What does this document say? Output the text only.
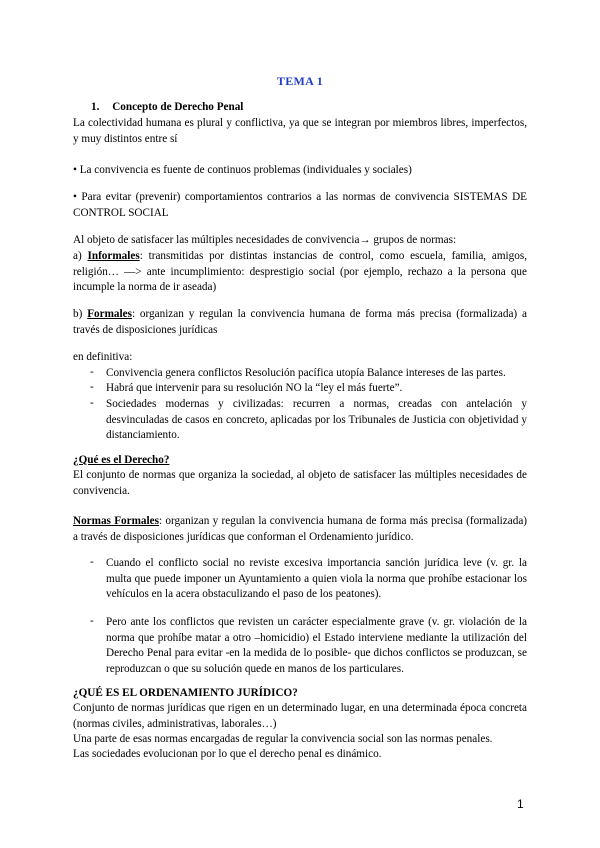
TEMA 1
1. Concepto de Derecho Penal
La colectividad humana es plural y conflictiva, ya que se integran por miembros libres, imperfectos, y muy distintos entre sí
• La convivencia es fuente de continuos problemas (individuales y sociales)
• Para evitar (prevenir) comportamientos contrarios a las normas de convivencia SISTEMAS DE CONTROL SOCIAL
Al objeto de satisfacer las múltiples necesidades de convivencia→ grupos de normas:
a) Informales: transmitidas por distintas instancias de control, como escuela, familia, amigos, religión… —> ante incumplimiento: desprestigio social (por ejemplo, rechazo a la persona que incumple la norma de ir aseada)
b) Formales: organizan y regulan la convivencia humana de forma más precisa (formalizada) a través de disposiciones jurídicas
en definitiva:
- Convivencia genera conflictos Resolución pacífica utopía Balance intereses de las partes.
- Habrá que intervenir para su resolución NO la “ley el más fuerte”.
- Sociedades modernas y civilizadas: recurren a normas, creadas con antelación y desvinculadas de casos en concreto, aplicadas por los Tribunales de Justicia con objetividad y distanciamiento.
¿Qué es el Derecho?
El conjunto de normas que organiza la sociedad, al objeto de satisfacer las múltiples necesidades de convivencia.
Normas Formales: organizan y regulan la convivencia humana de forma más precisa (formalizada) a través de disposiciones jurídicas que conforman el Ordenamiento jurídico.
- Cuando el conflicto social no reviste excesiva importancia sanción jurídica leve (v. gr. la multa que puede imponer un Ayuntamiento a quien viola la norma que prohíbe estacionar los vehículos en la acera obstaculizando el paso de los peatones).
- Pero ante los conflictos que revisten un carácter especialmente grave (v. gr. violación de la norma que prohíbe matar a otro –homicidio) el Estado interviene mediante la utilización del Derecho Penal para evitar -en la medida de lo posible- que dichos conflictos se produzcan, se reproduzcan o que su solución quede en manos de los particulares.
¿QUÉ ES EL ORDENAMIENTO JURÍDICO?
Conjunto de normas jurídicas que rigen en un determinado lugar, en una determinada época concreta (normas civiles, administrativas, laborales…)
Una parte de esas normas encargadas de regular la convivencia social son las normas penales.
Las sociedades evolucionan por lo que el derecho penal es dinámico.
1
